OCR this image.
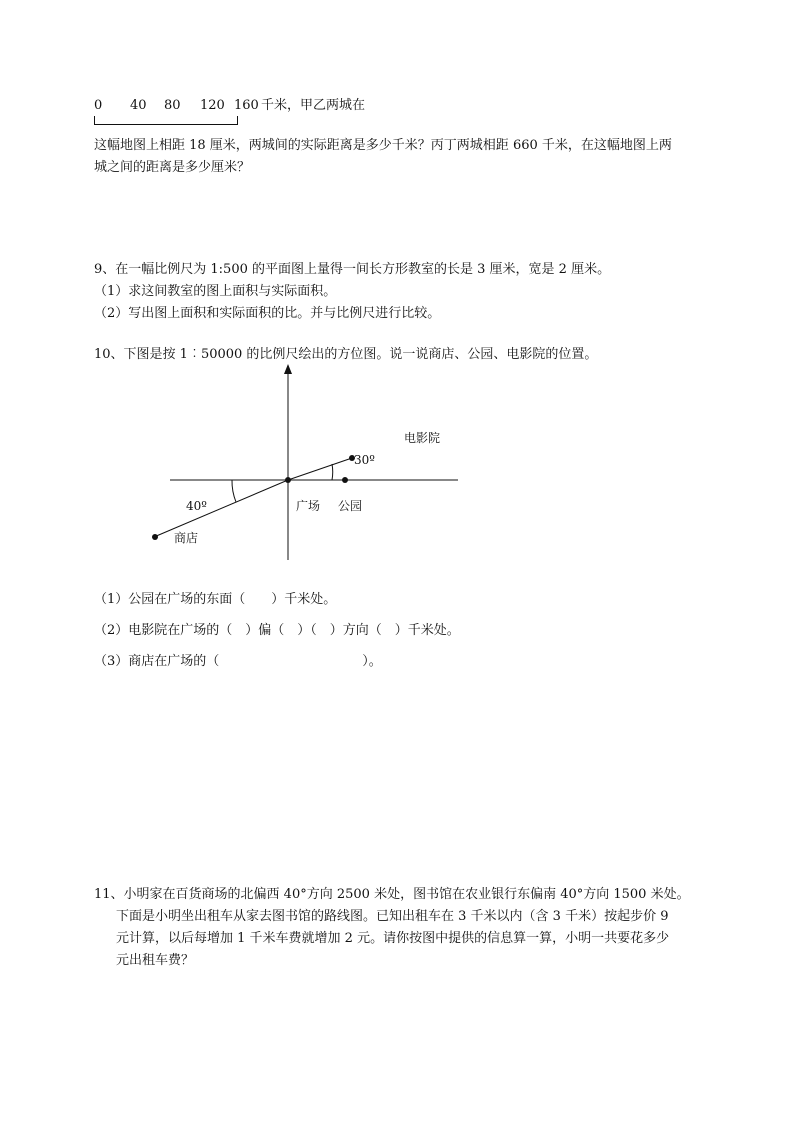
0 40 80 120 160 千米，甲乙两城在
这幅地图上相距 18 厘米，两城间的实际距离是多少千米？丙丁两城相距 660 千米，在这幅地图上两
城之间的距离是多少厘米？
9、在一幅比例尺为 1:500 的平面图上量得一间长方形教室的长是 3 厘米，宽是 2 厘米。
（1）求这间教室的图上面积与实际面积。
（2）写出图上面积和实际面积的比。并与比例尺进行比较。
10、下图是按 1︰50000 的比例尺绘出的方位图。说一说商店、公园、电影院的位置。
电影院
30º
40º	广场 公园
商店
（1）公园在广场的东面（　　）千米处。
（2）电影院在广场的（　）偏（　）（　）方向（　）千米处。
（3）商店在广场的（　　　　　　　　　　　）。
11、小明家在百货商场的北偏西 40°方向 2500 米处，图书馆在农业银行东偏南 40°方向 1500 米处。
下面是小明坐出租车从家去图书馆的路线图。已知出租车在 3 千米以内（含 3 千米）按起步价 9
元计算，以后每增加 1 千米车费就增加 2 元。请你按图中提供的信息算一算，小明一共要花多少
元出租车费？
